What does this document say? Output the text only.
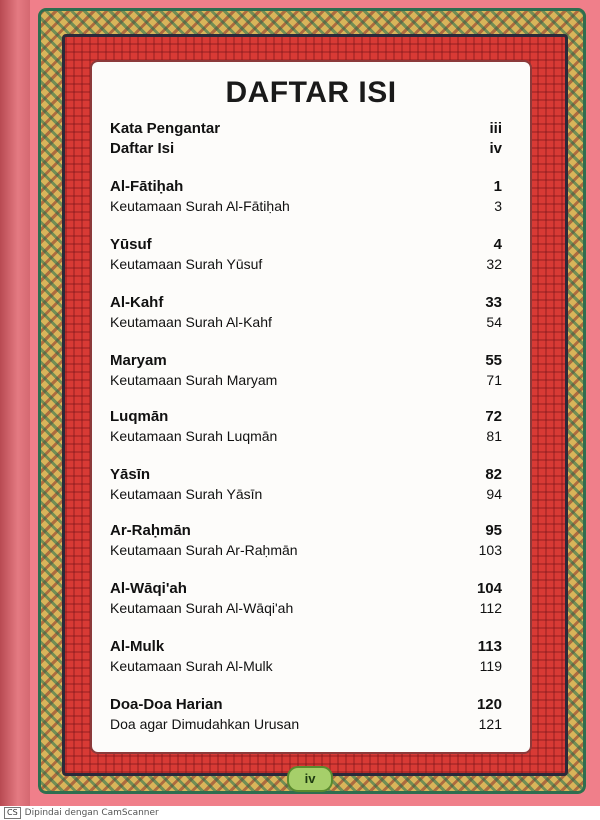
DAFTAR ISI
Kata Pengantar	iii
Daftar Isi	iv
Al-Fātiḥah	1
Keutamaan Surah Al-Fātiḥah	3
Yūsuf	4
Keutamaan Surah Yūsuf	32
Al-Kahf	33
Keutamaan Surah Al-Kahf	54
Maryam	55
Keutamaan Surah Maryam	71
Luqmān	72
Keutamaan Surah Luqmān	81
Yāsīn	82
Keutamaan Surah Yāsīn	94
Ar-Raḥmān	95
Keutamaan Surah Ar-Raḥmān	103
Al-Wāqi'ah	104
Keutamaan Surah Al-Wāqi'ah	112
Al-Mulk	113
Keutamaan Surah Al-Mulk	119
Doa-Doa Harian	120
Doa agar Dimudahkan Urusan	121
iv
CS Dipindai dengan CamScanner
